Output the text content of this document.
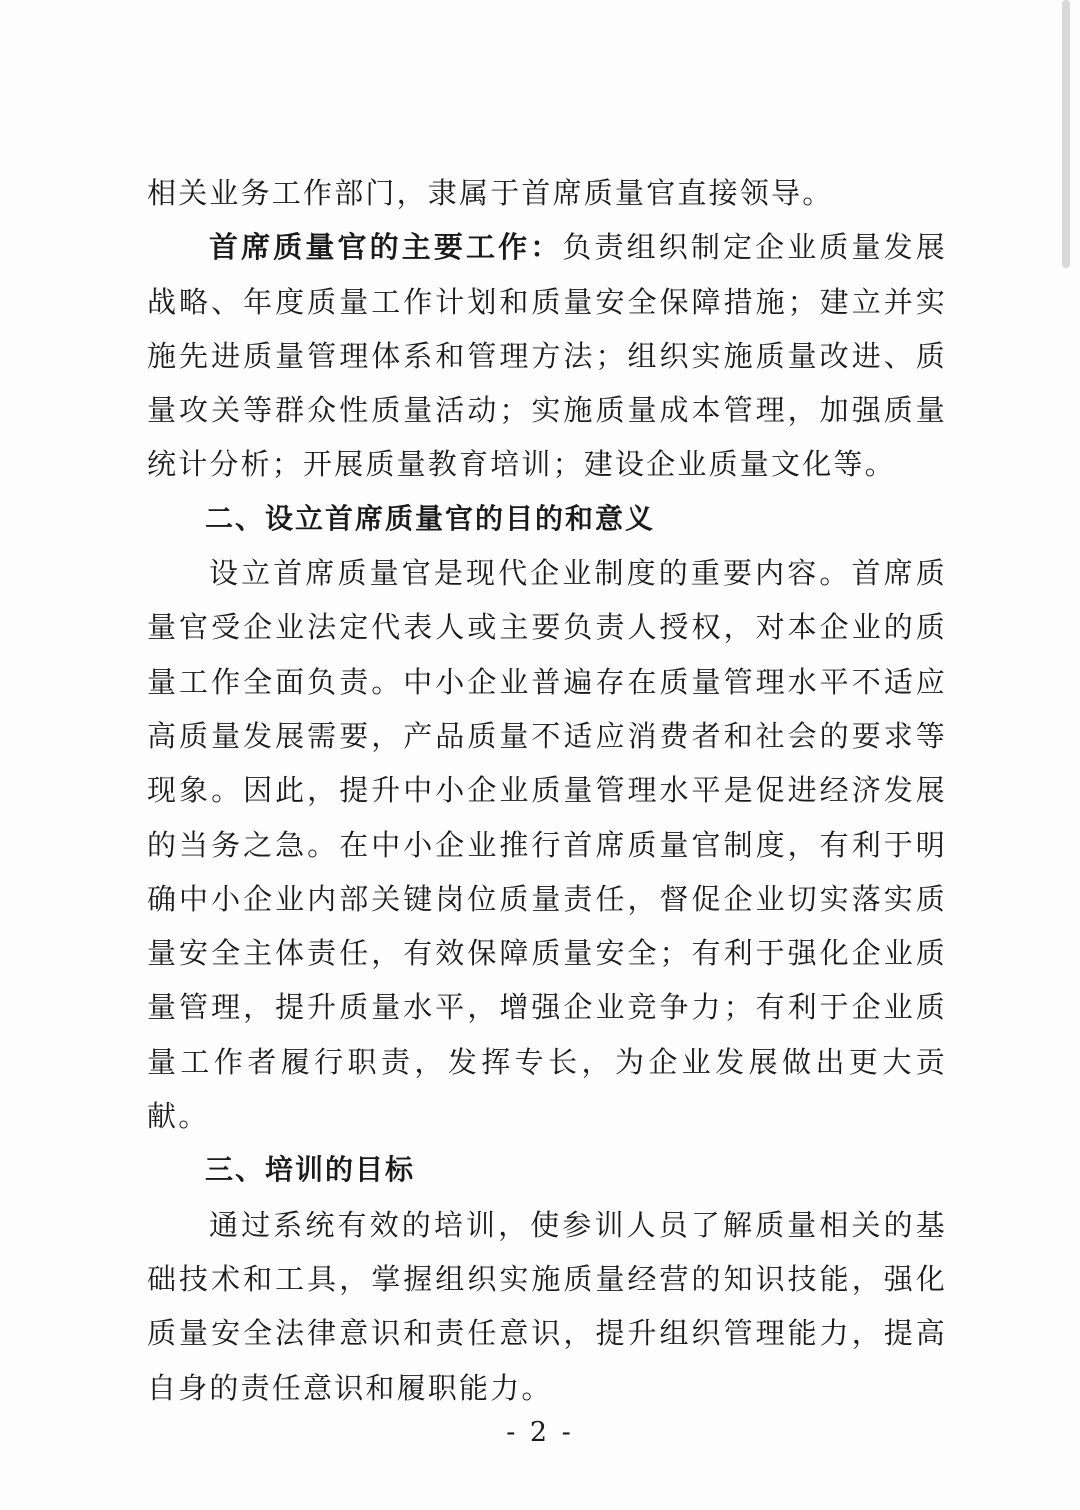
相关业务工作部门，隶属于首席质量官直接领导。

首席质量官的主要工作：负责组织制定企业质量发展战略、年度质量工作计划和质量安全保障措施；建立并实施先进质量管理体系和管理方法；组织实施质量改进、质量攻关等群众性质量活动；实施质量成本管理，加强质量统计分析；开展质量教育培训；建设企业质量文化等。

二、设立首席质量官的目的和意义

设立首席质量官是现代企业制度的重要内容。首席质量官受企业法定代表人或主要负责人授权，对本企业的质量工作全面负责。中小企业普遍存在质量管理水平不适应高质量发展需要，产品质量不适应消费者和社会的要求等现象。因此，提升中小企业质量管理水平是促进经济发展的当务之急。在中小企业推行首席质量官制度，有利于明确中小企业内部关键岗位质量责任，督促企业切实落实质量安全主体责任，有效保障质量安全；有利于强化企业质量管理，提升质量水平，增强企业竞争力；有利于企业质量工作者履行职责，发挥专长，为企业发展做出更大贡献。

三、培训的目标

通过系统有效的培训，使参训人员了解质量相关的基础技术和工具，掌握组织实施质量经营的知识技能，强化质量安全法律意识和责任意识，提升组织管理能力，提高自身的责任意识和履职能力。

- 2 -
